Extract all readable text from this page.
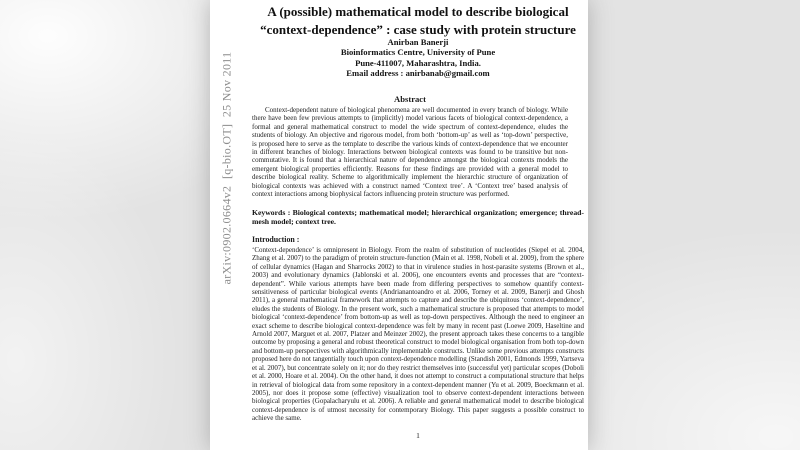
arXiv:0902.0664v2  [q-bio.OT]  25 Nov 2011
A (possible) mathematical model to describe biological
“context-dependence” : case study with protein structure
Anirban Banerji
Bioinformatics Centre, University of Pune
Pune-411007, Maharashtra, India.
Email address : anirbanab@gmail.com
Abstract
Context-dependent nature of biological phenomena are well documented in every branch of biology. While there have been few previous attempts to (implicitly) model various facets of biological context-dependence, a formal and general mathematical construct to model the wide spectrum of context-dependence, eludes the students of biology. An objective and rigorous model, from both ‘bottom-up’ as well as ‘top-down’ perspective, is proposed here to serve as the template to describe the various kinds of context-dependence that we encounter in different branches of biology. Interactions between biological contexts was found to be transitive but non-commutative. It is found that a hierarchical nature of dependence amongst the biological contexts models the emergent biological properties efficiently. Reasons for these findings are provided with a general model to describe biological reality. Scheme to algorithmically implement the hierarchic structure of organization of biological contexts was achieved with a construct named ‘Context tree’. A ‘Context tree’ based analysis of context interactions among biophysical factors influencing protein structure was performed.
Keywords : Biological contexts; mathematical model; hierarchical organization; emergence; thread-mesh model; context tree.
Introduction :
‘Context-dependence’ is omnipresent in Biology. From the realm of substitution of nucleotides (Siepel et al. 2004, Zhang et al. 2007) to the paradigm of protein structure-function (Main et al. 1998, Nobeli et al. 2009), from the sphere of cellular dynamics (Hagan and Sharrocks 2002) to that in virulence studies in host-parasite systems (Brown et al., 2003) and evolutionary dynamics (Jablonski et al. 2006), one encounters events and processes that are “context-dependent”. While various attempts have been made from differing perspectives to somehow quantify context-sensitiveness of particular biological events (Andrianantoandro et al. 2006, Torney et al. 2009, Banerji and Ghosh 2011), a general mathematical framework that attempts to capture and describe the ubiquitous ‘context-dependence’, eludes the students of Biology. In the present work, such a mathematical structure is proposed that attempts to model biological ‘context-dependence’ from bottom-up as well as top-down perspectives. Although the need to engineer an exact scheme to describe biological context-dependence was felt by many in recent past (Loewe 2009, Haseltine and Arnold 2007, Marguet et al. 2007, Platzer and Meinzer 2002), the present approach takes these concerns to a tangible outcome by proposing a general and robust theoretical construct to model biological organisation from both top-down and bottom-up perspectives with algorithmically implementable constructs. Unlike some previous attempts constructs proposed here do not tangentially touch upon context-dependence modelling (Standish 2001, Edmonds 1999, Yartseva et al. 2007), but concentrate solely on it; nor do they restrict themselves into (successful yet) particular scopes (Doboli et al. 2000, Hoare et al. 2004). On the other hand, it does not attempt to construct a computational structure that helps in retrieval of biological data from some repository in a context-dependent manner (Yu et al. 2009, Boeckmann et al. 2005), nor does it propose some (effective) visualization tool to observe context-dependent interactions between biological properties (Gopalacharyulu et al. 2006). A reliable and general mathematical model to describe biological context-dependence is of utmost necessity for contemporary Biology. This paper suggests a possible construct to achieve the same.
1
